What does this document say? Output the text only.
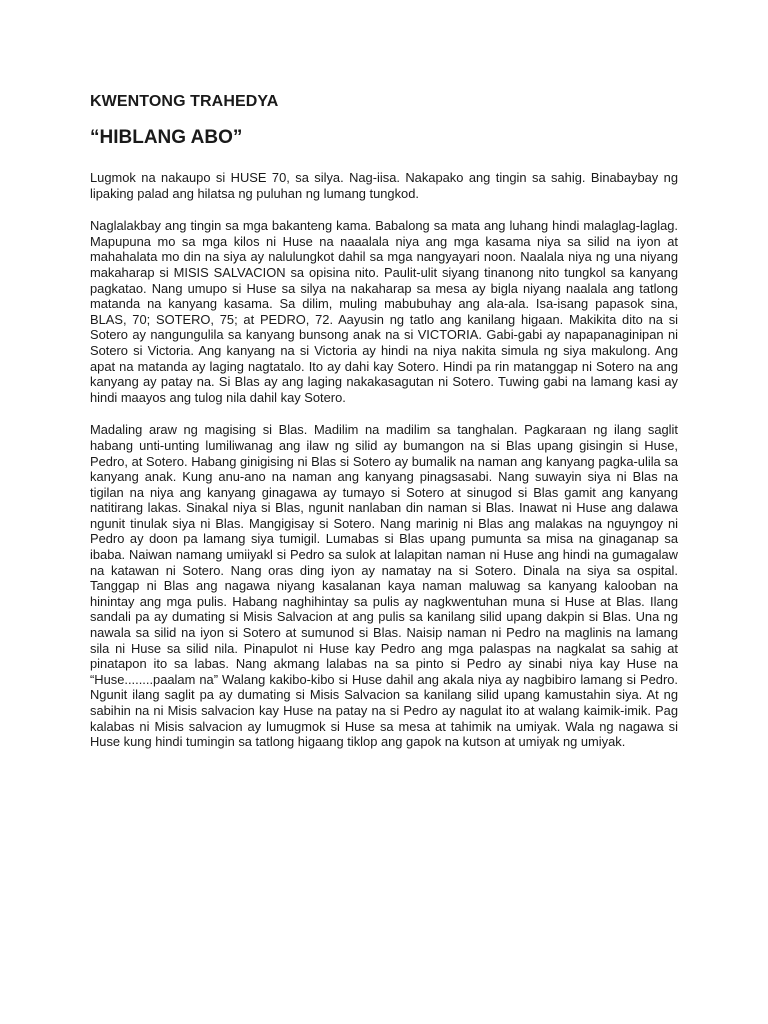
KWENTONG TRAHEDYA
“HIBLANG ABO”

Lugmok na nakaupo si HUSE 70, sa silya. Nag-iisa. Nakapako ang tingin sa sahig. Binabaybay ng lipaking palad ang hilatsa ng puluhan ng lumang tungkod.

Naglalakbay ang tingin sa mga bakanteng kama. Babalong sa mata ang luhang hindi malaglag-laglag. Mapupuna mo sa mga kilos ni Huse na naaalala niya ang mga kasama niya sa silid na iyon at mahahalata mo din na siya ay nalulungkot dahil sa mga nangyayari noon. Naalala niya ng una niyang makaharap si MISIS SALVACION sa opisina nito. Paulit-ulit siyang tinanong nito tungkol sa kanyang pagkatao. Nang umupo si Huse sa silya na nakaharap sa mesa ay bigla niyang naalala ang tatlong matanda na kanyang kasama. Sa dilim, muling mabubuhay ang ala-ala. Isa-isang papasok sina, BLAS, 70; SOTERO, 75; at PEDRO, 72. Aayusin ng tatlo ang kanilang higaan. Makikita dito na si Sotero ay nangungulila sa kanyang bunsong anak na si VICTORIA. Gabi-gabi ay napapanaginipan ni Sotero si Victoria. Ang kanyang na si Victoria ay hindi na niya nakita simula ng siya makulong. Ang apat na matanda ay laging nagtatalo. Ito ay dahi kay Sotero. Hindi pa rin matanggap ni Sotero na ang kanyang ay patay na. Si Blas ay ang laging nakakasagutan ni Sotero. Tuwing gabi na lamang kasi ay hindi maayos ang tulog nila dahil kay Sotero.

Madaling araw ng magising si Blas. Madilim na madilim sa tanghalan. Pagkaraan ng ilang saglit habang unti-unting lumiliwanag ang ilaw ng silid ay bumangon na si Blas upang gisingin si Huse, Pedro, at Sotero. Habang ginigising ni Blas si Sotero ay bumalik na naman ang kanyang pagka-ulila sa kanyang anak. Kung anu-ano na naman ang kanyang pinagsasabi. Nang suwayin siya ni Blas na tigilan na niya ang kanyang ginagawa ay tumayo si Sotero at sinugod si Blas gamit ang kanyang natitirang lakas. Sinakal niya si Blas, ngunit nanlaban din naman si Blas. Inawat ni Huse ang dalawa ngunit tinulak siya ni Blas. Mangigisay si Sotero. Nang marinig ni Blas ang malakas na nguyngoy ni Pedro ay doon pa lamang siya tumigil. Lumabas si Blas upang pumunta sa misa na ginaganap sa ibaba. Naiwan namang umiiyakl si Pedro sa sulok at lalapitan naman ni Huse ang hindi na gumagalaw na katawan ni Sotero. Nang oras ding iyon ay namatay na si Sotero. Dinala na siya sa ospital. Tanggap ni Blas ang nagawa niyang kasalanan kaya naman maluwag sa kanyang kalooban na hinintay ang mga pulis. Habang naghihintay sa pulis ay nagkwentuhan muna si Huse at Blas. Ilang sandali pa ay dumating si Misis Salvacion at ang pulis sa kanilang silid upang dakpin si Blas. Una ng nawala sa silid na iyon si Sotero at sumunod si Blas. Naisip naman ni Pedro na maglinis na lamang sila ni Huse sa silid nila. Pinapulot ni Huse kay Pedro ang mga palaspas na nagkalat sa sahig at pinatapon ito sa labas. Nang akmang lalabas na sa pinto si Pedro ay sinabi niya kay Huse na “Huse........paalam na” Walang kakibo-kibo si Huse dahil ang akala niya ay nagbibiro lamang si Pedro. Ngunit ilang saglit pa ay dumating si Misis Salvacion sa kanilang silid upang kamustahin siya. At ng sabihin na ni Misis salvacion kay Huse na patay na si Pedro ay nagulat ito at walang kaimik-imik. Pag kalabas ni Misis salvacion ay lumugmok si Huse sa mesa at tahimik na umiyak. Wala ng nagawa si Huse kung hindi tumingin sa tatlong higaang tiklop ang gapok na kutson at umiyak ng umiyak.
